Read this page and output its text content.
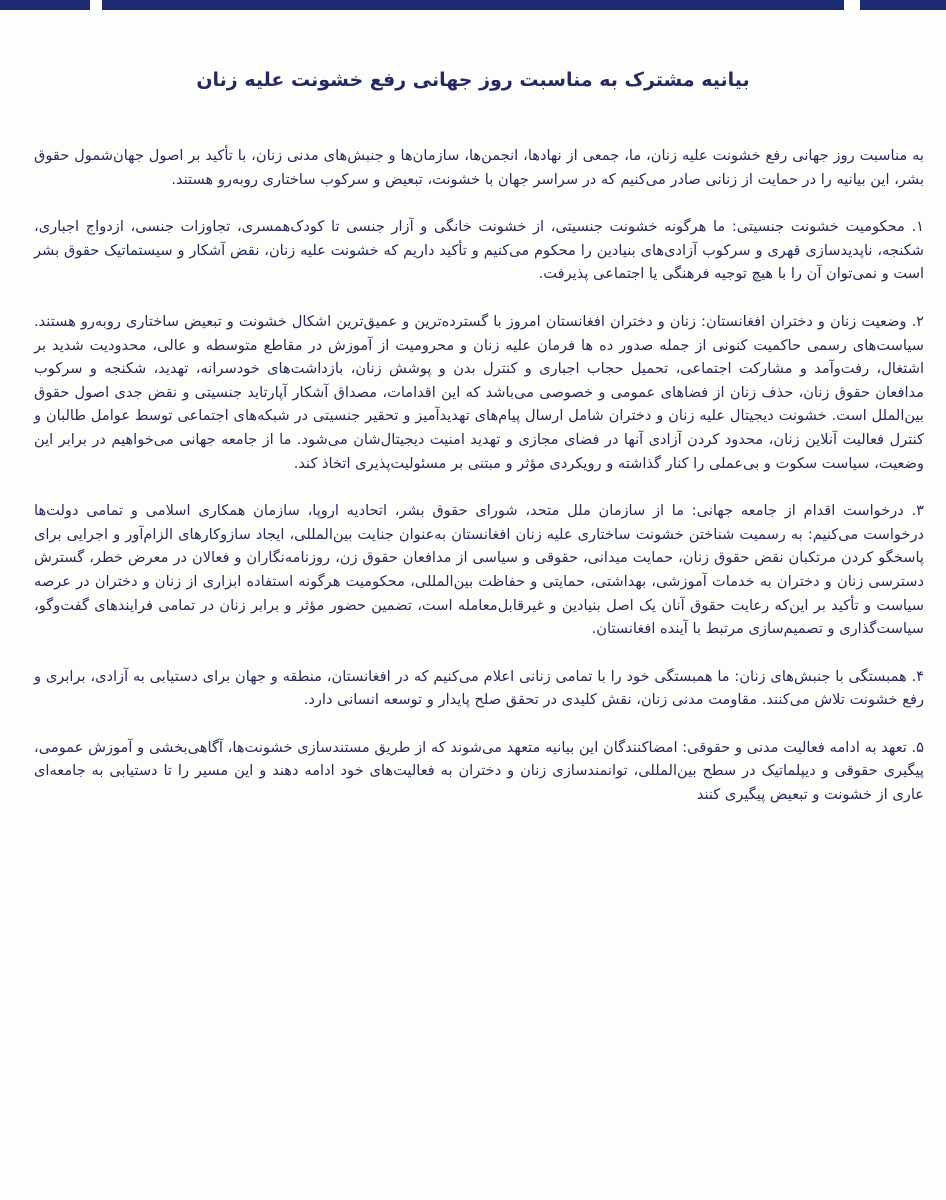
بیانیه مشترک به مناسبت روز جهانی رفع خشونت علیه زنان

به مناسبت روز جهانی رفع خشونت علیه زنان، ما، جمعی از نهادها، انجمن‌ها، سازمان‌ها و جنبش‌های مدنی زنان، با تأکید بر اصول جهان‌شمول حقوق بشر، این بیانیه را در حمایت از زنانی صادر می‌کنیم که در سراسر جهان با خشونت، تبعیض و سرکوب ساختاری روبه‌رو هستند.

۱. محکومیت خشونت جنسیتی: ما هرگونه خشونت جنسیتی، از خشونت خانگی و آزار جنسی تا کودک‌همسری، تجاوزات جنسی، ازدواج اجباری، شکنجه، ناپدیدسازی قهری و سرکوب آزادی‌های بنیادین را محکوم می‌کنیم و تأکید داریم که خشونت علیه زنان، نقض آشکار و سیستماتیک حقوق بشر است و نمی‌توان آن را با هیچ توجیه فرهنگی یا اجتماعی پذیرفت.

۲. وضعیت زنان و دختران افغانستان: زنان و دختران افغانستان امروز با گسترده‌ترین و عمیق‌ترین اشکال خشونت و تبعیض ساختاری روبه‌رو هستند. سیاست‌های رسمی حاکمیت کنونی از جمله صدور ده ها فرمان علیه زنان و محرومیت از آموزش در مقاطع متوسطه و عالی، محدودیت شدید بر اشتغال، رفت‌وآمد و مشارکت اجتماعی، تحمیل حجاب اجباری و کنترل بدن و پوشش زنان، بازداشت‌های خودسرانه، تهدید، شکنجه و سرکوب مدافعان حقوق زنان، حذف زنان از فضاهای عمومی و خصوصی می‌باشد که این اقدامات، مصداق آشکار آپارتاید جنسیتی و نقض جدی اصول حقوق بین‌الملل است. خشونت دیجیتال علیه زنان و دختران شامل ارسال پیام‌های تهدیدآمیز و تحقیر جنسیتی در شبکه‌های اجتماعی توسط عوامل طالبان و کنترل فعالیت آنلاین زنان، محدود کردن آزادی آنها در فضای مجازی و تهدید امنیت دیجیتال‌شان می‌شود. ما از جامعه جهانی می‌خواهیم در برابر این وضعیت، سیاست سکوت و بی‌عملی را کنار گذاشته و رویکردی مؤثر و مبتنی بر مسئولیت‌پذیری اتخاذ کند.

۳. درخواست اقدام از جامعه جهانی: ما از سازمان ملل متحد، شورای حقوق بشر، اتحادیه اروپا، سازمان همکاری اسلامی و تمامی دولت‌ها درخواست می‌کنیم: به رسمیت شناختن خشونت ساختاری علیه زنان افغانستان به‌عنوان جنایت بین‌المللی، ایجاد سازوکارهای الزام‌آور و اجرایی برای پاسخگو کردن مرتکبان نقض حقوق زنان، حمایت میدانی، حقوقی و سیاسی از مدافعان حقوق زن، روزنامه‌نگاران و فعالان در معرض خطر، گسترش دسترسی زنان و دختران به خدمات آموزشی، بهداشتی، حمایتی و حفاظت بین‌المللی، محکومیت هرگونه استفاده ابزاری از زنان و دختران در عرصه سیاست و تأکید بر این‌که رعایت حقوق آنان یک اصل بنیادین و غیرقابل‌معامله است، تضمین حضور مؤثر و برابر زنان در تمامی فرایندهای گفت‌وگو، سیاست‌گذاری و تصمیم‌سازی مرتبط با آینده افغانستان.

۴. همبستگی با جنبش‌های زنان: ما همبستگی خود را با تمامی زنانی اعلام می‌کنیم که در افغانستان، منطقه و جهان برای دستیابی به آزادی، برابری و رفع خشونت تلاش می‌کنند. مقاومت مدنی زنان، نقش کلیدی در تحقق صلح پایدار و توسعه انسانی دارد.

۵. تعهد به ادامه فعالیت مدنی و حقوقی: امضاکنندگان این بیانیه متعهد می‌شوند که از طریق مستندسازی خشونت‌ها، آگاهی‌بخشی و آموزش عمومی، پیگیری حقوقی و دیپلماتیک در سطح بین‌المللی، توانمندسازی زنان و دختران به فعالیت‌های خود ادامه دهند و این مسیر را تا دستیابی به جامعه‌ای عاری از خشونت و تبعیض پیگیری کنند
